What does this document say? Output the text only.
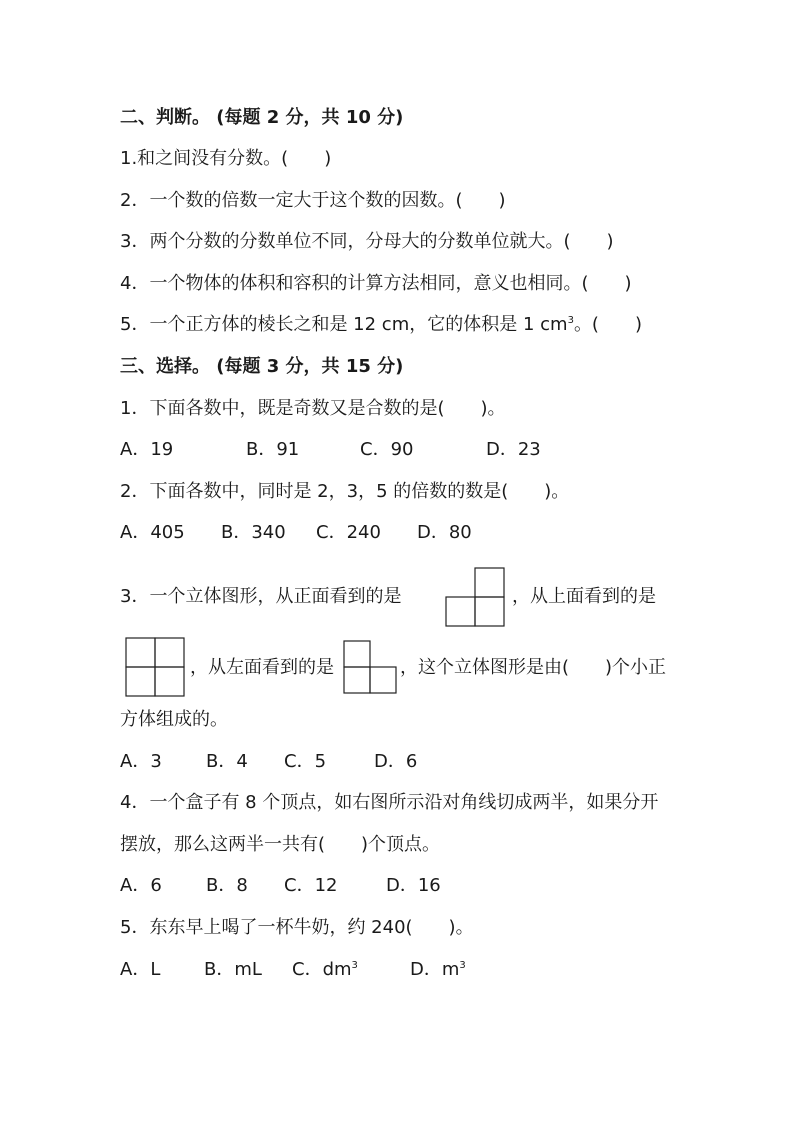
二、判断。 (每题 2 分，共 10 分)
1.和之间没有分数。(　　)
2．一个数的倍数一定大于这个数的因数。(　　)
3．两个分数的分数单位不同，分母大的分数单位就大。(　　)
4．一个物体的体积和容积的计算方法相同，意义也相同。(　　)
5．一个正方体的棱长之和是 12 cm，它的体积是 1 $cm^3$。(　　)
三、选择。 (每题 3 分，共 15 分)
1．下面各数中，既是奇数又是合数的是(　　)。
A．19	B．91	C．90	D．23
2．下面各数中，同时是 2，3，5 的倍数的数是(　　)。
A．405 B．340 C．240 D．80
3．一个立体图形，从正面看到的是	，从上面看到的是
，从左面看到的是	，这个立体图形是由(　　)个小正
方体组成的。
A．3 B．4 C．5	D．6
4．一个盒子有 8 个顶点，如右图所示沿对角线切成两半，如果分开
摆放，那么这两半一共有(　　)个顶点。
A．6 B．8 C．12	D．16
5．东东早上喝了一杯牛奶，约 240(　　)。
A．L B．mL C．$dm^3$	D．$m^3$
